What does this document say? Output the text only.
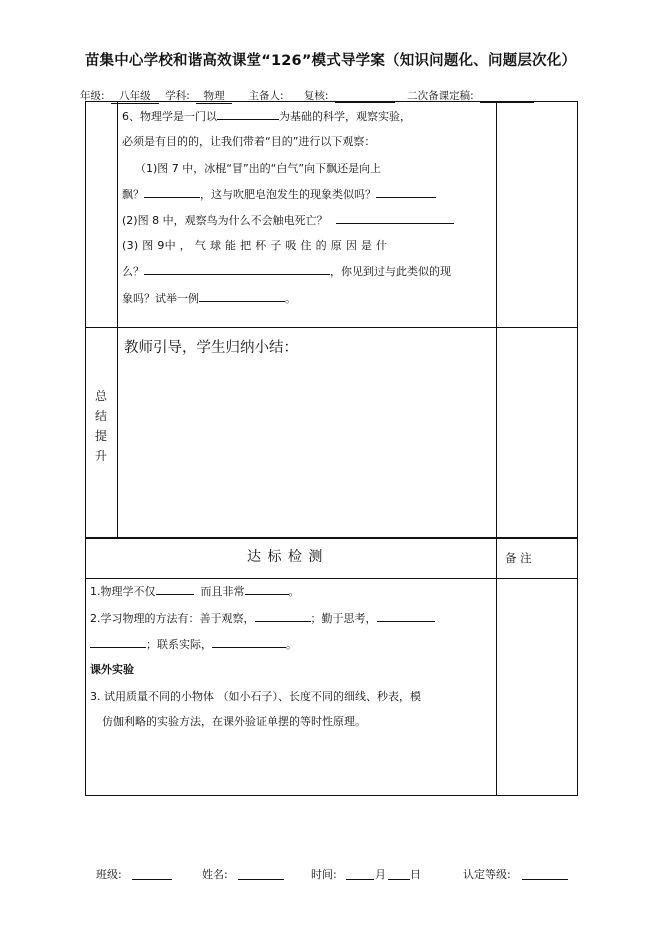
苗集中心学校和谐高效课堂“126”模式导学案（知识问题化、问题层次化）
年级: 八年级 学科: 物理 主备人: 复核:	二次备课定稿:
6、物理学是一门以	为基础的科学，观察实验，
必须是有目的的，让我们带着“目的”进行以下观察：
（1)图 7 中，冰棍“冒”出的“白气”向下飘还是向上
飘？	，这与吹肥皂泡发生的现象类似吗？
(2)图 8 中，观察鸟为什么不会触电死亡？
(3) 图 9中 ， 气 球 能 把 杯 子 吸 住 的 原 因 是 什
么？	，你见到过与此类似的现
象吗？试举一例	。
总
结
提
升
教师引导，学生归纳小结：
达 标 检 测	备 注
1.物理学不仅	而且非常	。
2.学习物理的方法有：善于观察，	；勤于思考，
；联系实际，	。
课外实验
3. 试用质量不同的小物体 （如小石子）、长度不同的细线、秒表，模
仿伽利略的实验方法，在课外验证单摆的等时性原理。
班级:	姓名:	时间:	月 日	认定等级:
